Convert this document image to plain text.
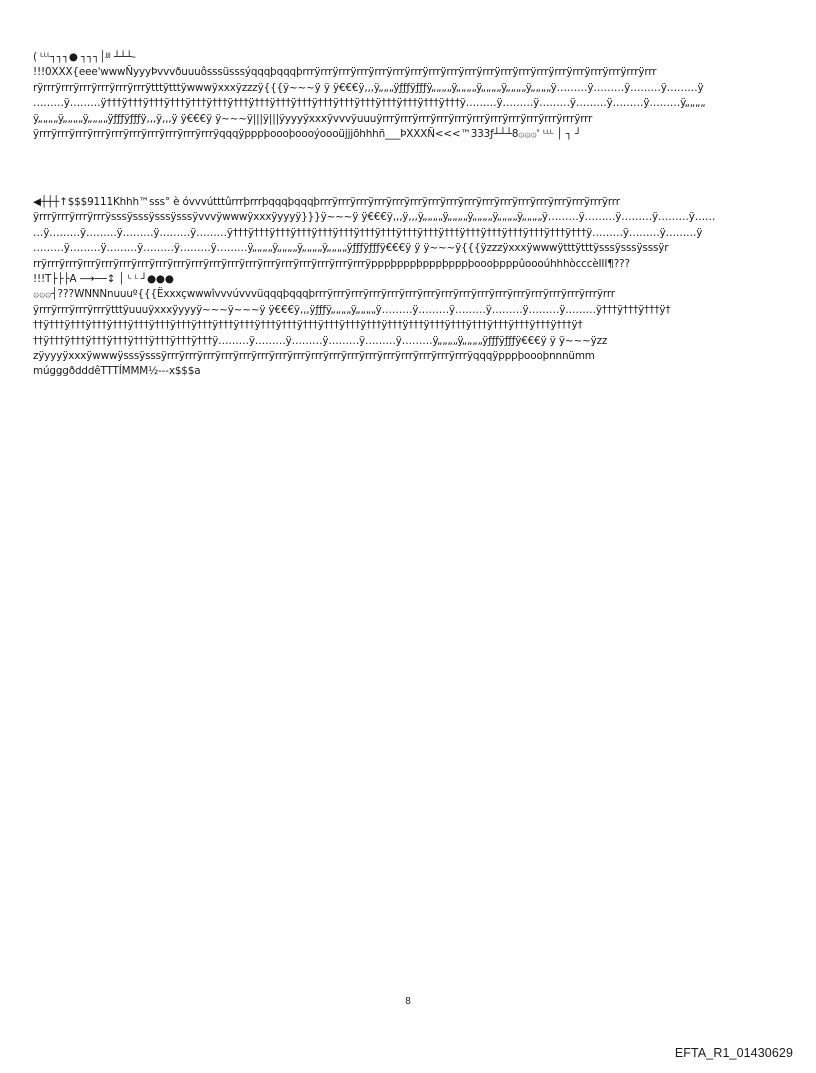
( ᴸᴸᴸ┐┐┐● ┐┐┐│ᴶᴶᴶ ┴┴┴-
!!!0XXX{eee'wwwÑyyyÞvvvðuuuôsssüsssýqqqþqqqþrrrÿrrrÿrrrÿrrrÿrrrÿrrrÿrrrÿrrrÿrrrÿrrrÿrrrÿrrrÿrrrÿrrrÿrrrÿrrrÿrrrÿrrrÿrrrÿrrr
rÿrrrÿrrrÿrrrÿrrrÿrrrÿrrrÿtttÿtttÿwwwÿxxxÿzzzÿ{{{ÿ~~~ÿ ÿ ÿ€€€ÿ‚‚‚ÿ„„„ÿƒƒƒÿƒƒƒÿ„„„„ÿ„„„„ÿ„„„„ÿ„„„„ÿ„„„„ÿ………ÿ………ÿ………ÿ………ÿ
………ÿ………ÿ†††ÿ†††ÿ†††ÿ†††ÿ†††ÿ†††ÿ†††ÿ†††ÿ†††ÿ†††ÿ†††ÿ†††ÿ†††ÿ†††ÿ†††ÿ†††ÿ†††ÿ………ÿ………ÿ………ÿ………ÿ………ÿ………ÿ„„„„
ÿ„„„„ÿ„„„„ÿ„„„„ÿƒƒƒÿƒƒƒÿ‚‚‚ÿ‚‚‚ÿ ÿ€€€ÿ ÿ~~~ÿ|||ÿ|||ÿyyyÿxxxÿvvvÿuuuÿrrrÿrrrÿrrrÿrrrÿrrrÿrrrÿrrrÿrrrÿrrrÿrrrÿrrrÿrrr
ÿrrrÿrrrÿrrrÿrrrÿrrrÿrrrÿrrrÿrrrÿrrrÿrrrÿqqqÿpppþoooþoooýoooüjjjõhhhñ___ÞXXXÑ<<<™333ƒ┴┴┴8۞۞۞' ᴸᴸᴸ │ ┐ ┘
◀┼┼┼↑$$$9111Khhh™sss° è óvvvútttûrrrþrrrþqqqþqqqþrrrÿrrrÿrrrÿrrrÿrrrÿrrrÿrrrÿrrrÿrrrÿrrrÿrrrÿrrrÿrrrÿrrrÿrrrÿrrrÿrrr
ÿrrrÿrrrÿrrrÿrrrÿsssÿsssÿsssÿsssÿvvvÿwwwÿxxxÿyyyÿ}}}ÿ~~~ÿ ÿ€€€ÿ‚‚‚ÿ‚‚‚ÿ„„„„ÿ„„„„ÿ„„„„ÿ„„„„ÿ„„„„ÿ………ÿ………ÿ………ÿ………ÿ……
…ÿ………ÿ………ÿ………ÿ………ÿ………ÿ†††ÿ†††ÿ†††ÿ†††ÿ†††ÿ†††ÿ†††ÿ†††ÿ†††ÿ†††ÿ†††ÿ†††ÿ†††ÿ†††ÿ†††ÿ†††ÿ†††ÿ………ÿ………ÿ………ÿ
………ÿ………ÿ………ÿ………ÿ………ÿ………ÿ„„„„ÿ„„„„ÿ„„„„ÿ„„„„ÿƒƒƒÿƒƒƒÿ€€€ÿ ÿ ÿ~~~ÿ{{{ÿzzzÿxxxÿwwwÿtttÿtttÿsssÿsssÿsssÿr
rrÿrrrÿrrrÿrrrÿrrrÿrrrÿrrrÿrrrÿrrrÿrrrÿrrrÿrrrÿrrrÿrrrÿrrrÿrrrÿrrrÿrrrÿrrrÿpppþpppþpppþpppþoooþpppûoooúhhhòcccèIII¶???
!!!T├├├A ⟶──↕ │ ᴸ ᴸ ┘●●●
۞۞۞┤???WNNNnuuuº{{{Ëxxxçwwwîvvvúvvvüqqqþqqqþrrrÿrrrÿrrrÿrrrÿrrrÿrrrÿrrrÿrrrÿrrrÿrrrÿrrrÿrrrÿrrrÿrrrÿrrrÿrrrÿrrr
ÿrrrÿrrrÿrrrÿrrrÿtttÿuuuÿxxxÿyyyÿ~~~ÿ~~~ÿ ÿ€€€ÿ‚‚‚ÿƒƒƒÿ„„„„ÿ„„„„ÿ………ÿ………ÿ………ÿ………ÿ………ÿ………ÿ†††ÿ†††ÿ†††ÿ†
††ÿ†††ÿ†††ÿ†††ÿ†††ÿ†††ÿ†††ÿ†††ÿ†††ÿ†††ÿ†††ÿ†††ÿ†††ÿ†††ÿ†††ÿ†††ÿ†††ÿ†††ÿ†††ÿ†††ÿ†††ÿ†††ÿ†††ÿ†††ÿ†††ÿ†††ÿ†
††ÿ†††ÿ†††ÿ†††ÿ†††ÿ†††ÿ†††ÿ†††ÿ†††ÿ………ÿ………ÿ………ÿ………ÿ………ÿ………ÿ„„„„ÿ„„„„ÿƒƒƒÿƒƒƒÿ€€€ÿ ÿ ÿ~~~ÿzz
zÿyyyÿxxxÿwwwÿsssÿsssÿrrrÿrrrÿrrrÿrrrÿrrrÿrrrÿrrrÿrrrÿrrrÿrrrÿrrrÿrrrÿrrrÿrrrÿrrrÿrrrÿrrrÿqqqÿpppþoooþnnnümm
múgggðdddêTTTÍMMM½---x$$$a
8
EFTA_R1_01430629
